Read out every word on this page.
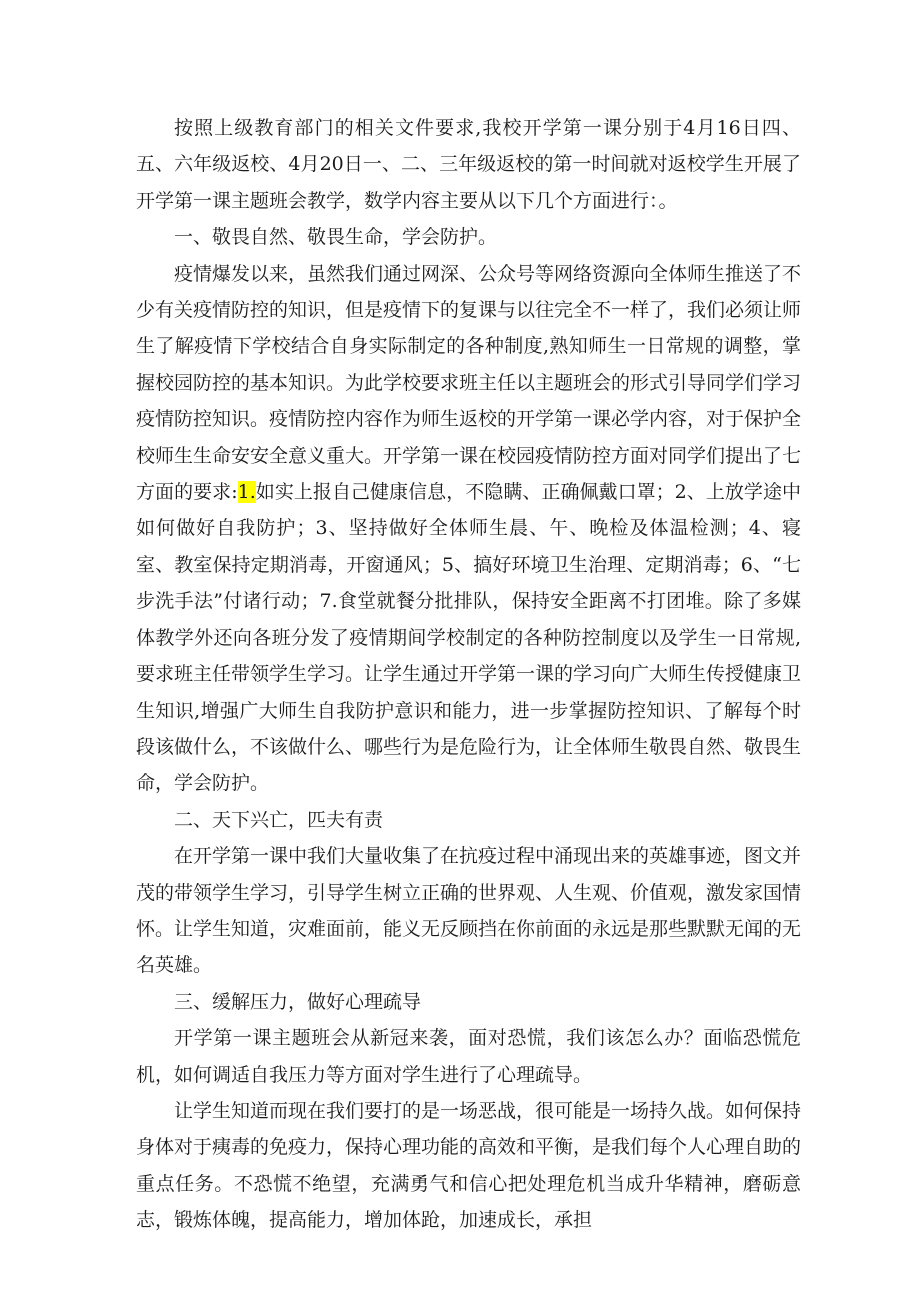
按照上级教育部门的相关文件要求,我校开学第一课分别于4月16日四、五、六年级返校、4月20日一、二、三年级返校的第一时间就对返校学生开展了开学第一课主题班会教学，数学内容主要从以下几个方面进行：。

一、敬畏自然、敬畏生命，学会防护。

疫情爆发以来，虽然我们通过网深、公众号等网络资源向全体师生推送了不少有关疫情防控的知识，但是疫情下的复课与以往完全不一样了，我们必须让师生了解疫情下学校结合自身实际制定的各种制度,熟知师生一日常规的调整，掌握校园防控的基本知识。为此学校要求班主任以主题班会的形式引导同学们学习疫情防控知识。疫情防控内容作为师生返校的开学第一课必学内容，对于保护全校师生生命安安全意义重大。开学第一课在校园疫情防控方面对同学们提出了七方面的要求:1.如实上报自己健康信息，不隐瞒、正确佩戴口罩；2、上放学途中如何做好自我防护；3、坚持做好全体师生晨、午、晚检及体温检测；4、寝室、教室保持定期消毒，开窗通风；5、搞好环境卫生治理、定期消毒；6、“七步洗手法”付诸行动；7.食堂就餐分批排队，保持安全距离不打团堆。除了多媒体教学外还向各班分发了疫情期间学校制定的各种防控制度以及学生一日常规,要求班主任带领学生学习。让学生通过开学第一课的学习向广大师生传授健康卫生知识,增强广大师生自我防护意识和能力，进一步掌握防控知识、了解每个时段该做什么，不该做什么、哪些行为是危险行为，让全体师生敬畏自然、敬畏生命，学会防护。

二、天下兴亡，匹夫有责

在开学第一课中我们大量收集了在抗疫过程中涌现出来的英雄事迹，图文并茂的带领学生学习，引导学生树立正确的世界观、人生观、价值观，激发家国情怀。让学生知道，灾难面前，能义无反顾挡在你前面的永远是那些默默无闻的无名英雄。

三、缓解压力，做好心理疏导

开学第一课主题班会从新冠来袭，面对恐慌，我们该怎么办？面临恐慌危机，如何调适自我压力等方面对学生进行了心理疏导。

让学生知道而现在我们要打的是一场恶战，很可能是一场持久战。如何保持身体对于痍毒的免疫力，保持心理功能的高效和平衡，是我们每个人心理自助的重点任务。不恐慌不绝望，充满勇气和信心把处理危机当成升华精神，磨砺意志，锻炼体魄，提高能力，增加体跄，加速成长，承担
